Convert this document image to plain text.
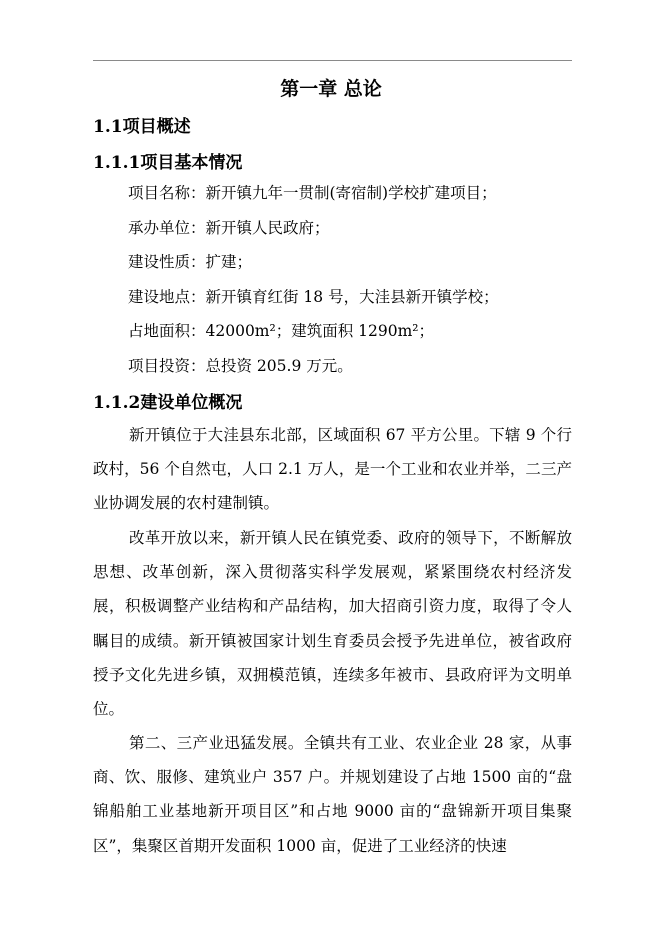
第一章 总论
1.1项目概述
1.1.1项目基本情况
项目名称：新开镇九年一贯制(寄宿制)学校扩建项目；
承办单位：新开镇人民政府；
建设性质：扩建；
建设地点：新开镇育红街 18 号，大洼县新开镇学校；
占地面积：42000m²；建筑面积 1290m²；
项目投资：总投资 205.9 万元。
1.1.2建设单位概况

新开镇位于大洼县东北部，区域面积 67 平方公里。下辖 9 个行政村，56 个自然屯，人口 2.1 万人，是一个工业和农业并举，二三产业协调发展的农村建制镇。

改革开放以来，新开镇人民在镇党委、政府的领导下，不断解放思想、改革创新，深入贯彻落实科学发展观，紧紧围绕农村经济发展，积极调整产业结构和产品结构，加大招商引资力度，取得了令人瞩目的成绩。新开镇被国家计划生育委员会授予先进单位，被省政府授予文化先进乡镇，双拥模范镇，连续多年被市、县政府评为文明单位。

第二、三产业迅猛发展。全镇共有工业、农业企业 28 家，从事商、饮、服修、建筑业户 357 户。并规划建设了占地 1500 亩的“盘锦船舶工业基地新开项目区”和占地 9000 亩的“盘锦新开项目集聚区”，集聚区首期开发面积 1000 亩，促进了工业经济的快速
